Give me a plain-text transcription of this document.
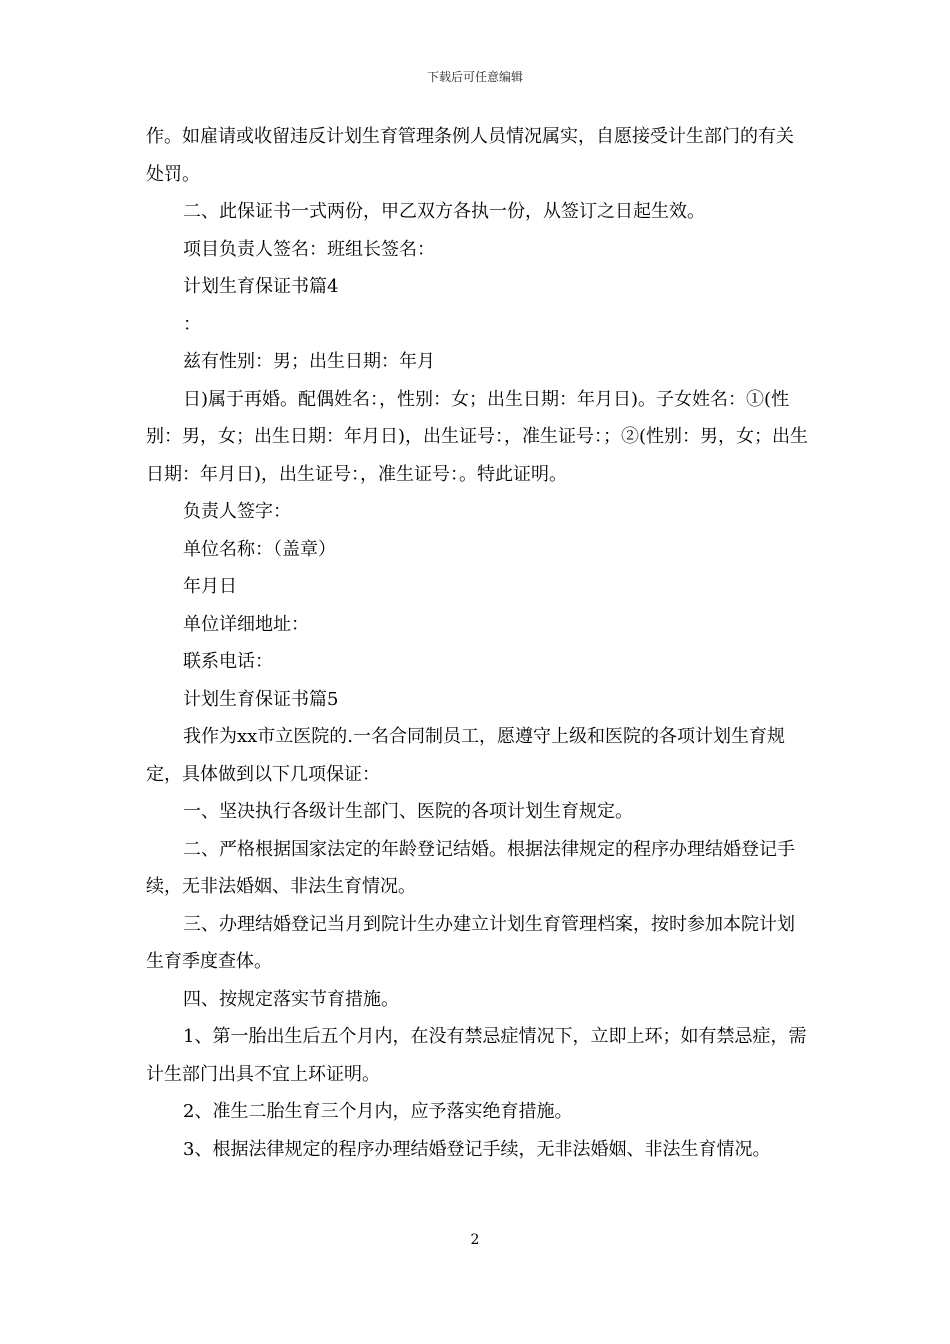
下载后可任意编辑

作。如雇请或收留违反计划生育管理条例人员情况属实，自愿接受计生部门的有关处罚。

二、此保证书一式两份，甲乙双方各执一份，从签订之日起生效。

项目负责人签名：班组长签名：

计划生育保证书篇4

：

兹有性别：男；出生日期：年月

日)属于再婚。配偶姓名：，性别：女；出生日期：年月日)。子女姓名：①(性别：男，女；出生日期：年月日)，出生证号：，准生证号：；②(性别：男，女；出生日期：年月日)，出生证号：，准生证号：。特此证明。

负责人签字：

单位名称：（盖章）

年月日

单位详细地址：

联系电话：

计划生育保证书篇5

我作为xx市立医院的.一名合同制员工，愿遵守上级和医院的各项计划生育规定，具体做到以下几项保证：

一、坚决执行各级计生部门、医院的各项计划生育规定。

二、严格根据国家法定的年龄登记结婚。根据法律规定的程序办理结婚登记手续，无非法婚姻、非法生育情况。

三、办理结婚登记当月到院计生办建立计划生育管理档案，按时参加本院计划生育季度查体。

四、按规定落实节育措施。

1、第一胎出生后五个月内，在没有禁忌症情况下，立即上环；如有禁忌症，需计生部门出具不宜上环证明。

2、准生二胎生育三个月内，应予落实绝育措施。

3、根据法律规定的程序办理结婚登记手续，无非法婚姻、非法生育情况。

2
